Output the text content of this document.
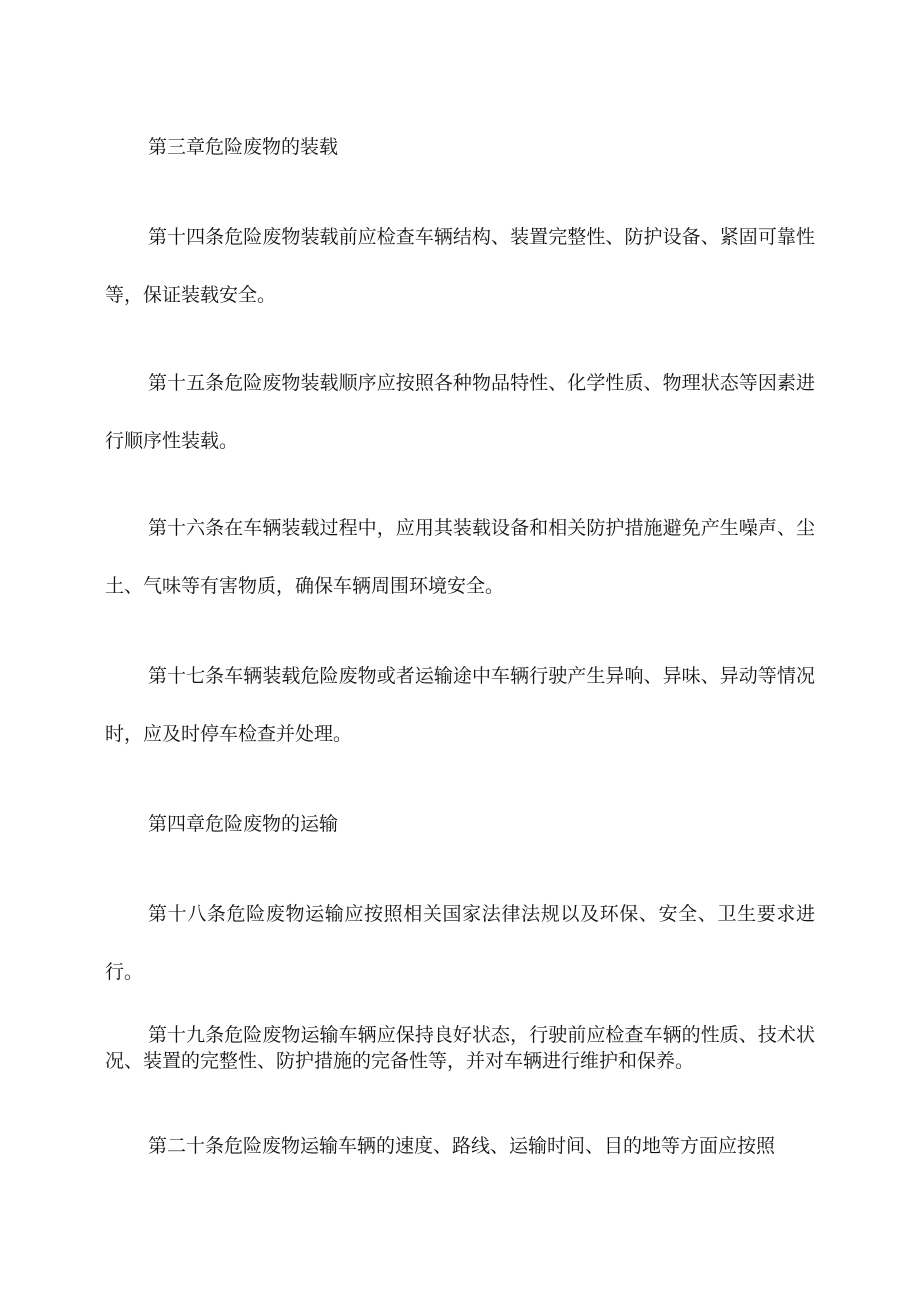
第三章危险废物的装载

第十四条危险废物装载前应检查车辆结构、装置完整性、防护设备、紧固可靠性等，保证装载安全。

第十五条危险废物装载顺序应按照各种物品特性、化学性质、物理状态等因素进行顺序性装载。

第十六条在车辆装载过程中，应用其装载设备和相关防护措施避免产生噪声、尘土、气味等有害物质，确保车辆周围环境安全。

第十七条车辆装载危险废物或者运输途中车辆行驶产生异响、异味、异动等情况时，应及时停车检查并处理。

第四章危险废物的运输

第十八条危险废物运输应按照相关国家法律法规以及环保、安全、卫生要求进行。

第十九条危险废物运输车辆应保持良好状态，行驶前应检查车辆的性质、技术状况、装置的完整性、防护措施的完备性等，并对车辆进行维护和保养。

第二十条危险废物运输车辆的速度、路线、运输时间、目的地等方面应按照
